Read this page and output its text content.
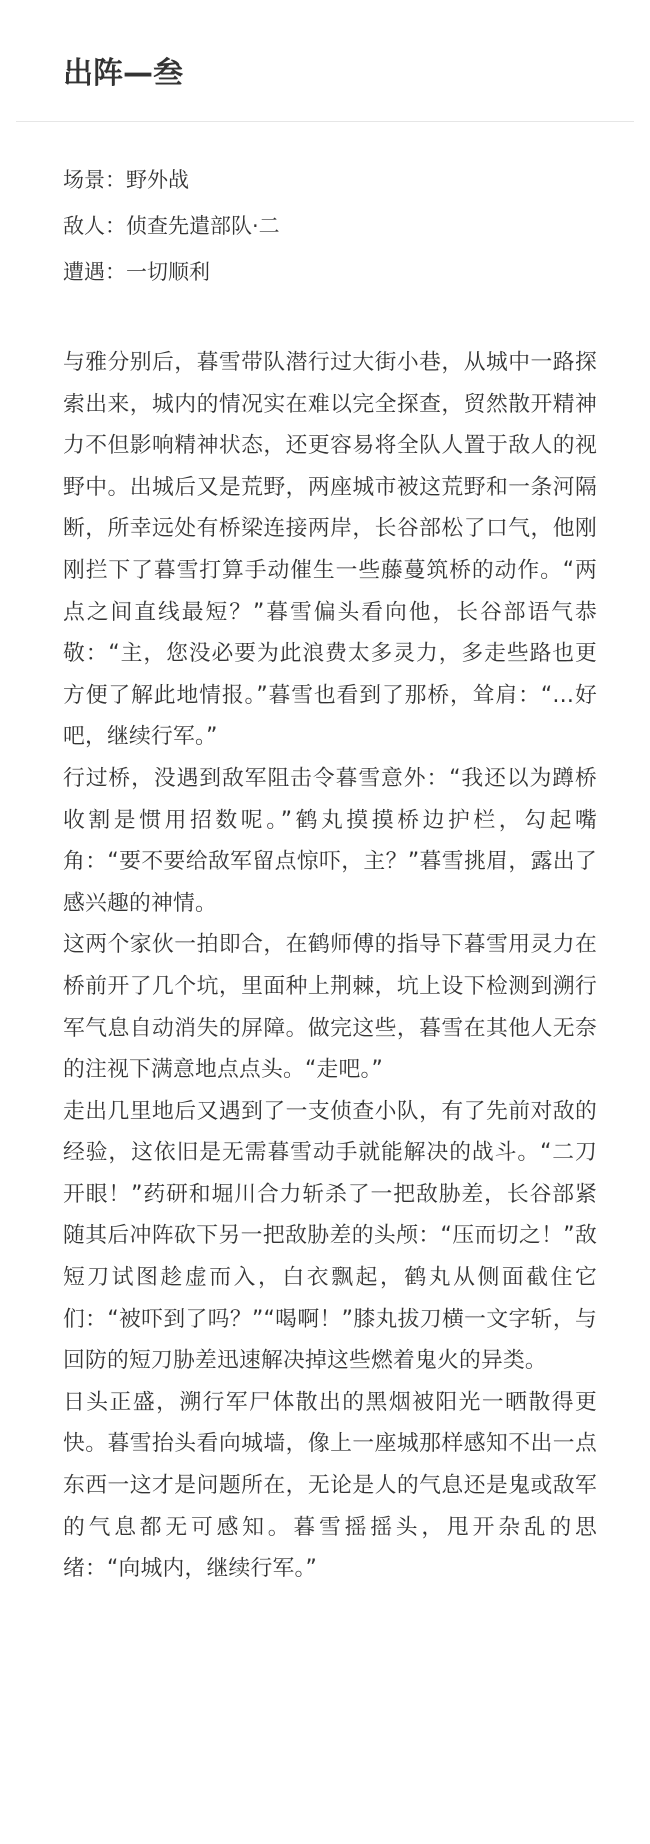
出阵—叁
场景：野外战
敌人：侦查先遣部队·二
遭遇：一切顺利

与雅分别后，暮雪带队潜行过大街小巷，从城中一路探索出来，城内的情况实在难以完全探查，贸然散开精神力不但影响精神状态，还更容易将全队人置于敌人的视野中。出城后又是荒野，两座城市被这荒野和一条河隔断，所幸远处有桥梁连接两岸，长谷部松了口气，他刚刚拦下了暮雪打算手动催生一些藤蔓筑桥的动作。“两点之间直线最短？”暮雪偏头看向他，长谷部语气恭敬：“主，您没必要为此浪费太多灵力，多走些路也更方便了解此地情报。”暮雪也看到了那桥，耸肩：“…好吧，继续行军。”

行过桥，没遇到敌军阻击令暮雪意外：“我还以为蹲桥收割是惯用招数呢。”鹤丸摸摸桥边护栏，勾起嘴角：“要不要给敌军留点惊吓，主？”暮雪挑眉，露出了感兴趣的神情。

这两个家伙一拍即合，在鹤师傅的指导下暮雪用灵力在桥前开了几个坑，里面种上荆棘，坑上设下检测到溯行军气息自动消失的屏障。做完这些，暮雪在其他人无奈的注视下满意地点点头。“走吧。”

走出几里地后又遇到了一支侦查小队，有了先前对敌的经验，这依旧是无需暮雪动手就能解决的战斗。“二刀开眼！”药研和堀川合力斩杀了一把敌胁差，长谷部紧随其后冲阵砍下另一把敌胁差的头颅：“压而切之！”敌短刀试图趁虚而入，白衣飘起，鹤丸从侧面截住它们：“被吓到了吗？”“喝啊！”膝丸拔刀横一文字斩，与回防的短刀胁差迅速解决掉这些燃着鬼火的异类。

日头正盛，溯行军尸体散出的黑烟被阳光一晒散得更快。暮雪抬头看向城墙，像上一座城那样感知不出一点东西一这才是问题所在，无论是人的气息还是鬼或敌军的气息都无可感知。暮雪摇摇头，甩开杂乱的思绪：“向城内，继续行军。”
